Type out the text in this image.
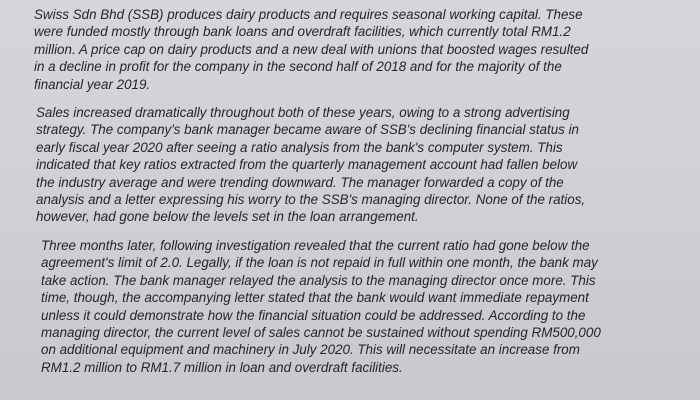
Swiss Sdn Bhd (SSB) produces dairy products and requires seasonal working capital. These
were funded mostly through bank loans and overdraft facilities, which currently total RM1.2
million. A price cap on dairy products and a new deal with unions that boosted wages resulted
in a decline in profit for the company in the second half of 2018 and for the majority of the
financial year 2019.
Sales increased dramatically throughout both of these years, owing to a strong advertising
strategy. The company's bank manager became aware of SSB's declining financial status in
early fiscal year 2020 after seeing a ratio analysis from the bank's computer system. This
indicated that key ratios extracted from the quarterly management account had fallen below
the industry average and were trending downward. The manager forwarded a copy of the
analysis and a letter expressing his worry to the SSB's managing director. None of the ratios,
however, had gone below the levels set in the loan arrangement.
Three months later, following investigation revealed that the current ratio had gone below the
agreement's limit of 2.0. Legally, if the loan is not repaid in full within one month, the bank may
take action. The bank manager relayed the analysis to the managing director once more. This
time, though, the accompanying letter stated that the bank would want immediate repayment
unless it could demonstrate how the financial situation could be addressed. According to the
managing director, the current level of sales cannot be sustained without spending RM500,000
on additional equipment and machinery in July 2020. This will necessitate an increase from
RM1.2 million to RM1.7 million in loan and overdraft facilities.
